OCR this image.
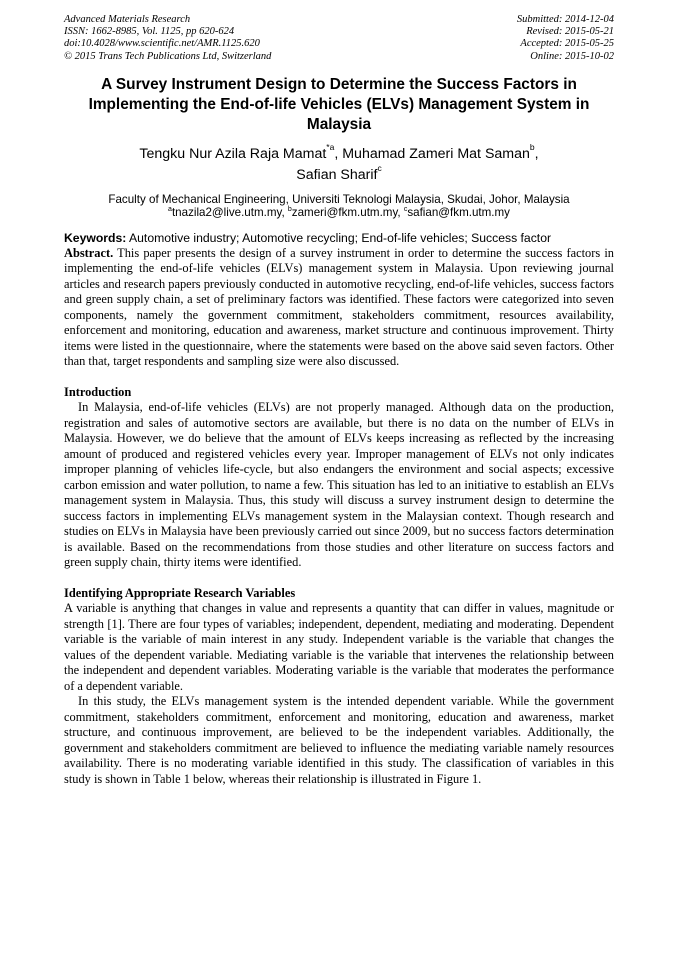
Advanced Materials Research
ISSN: 1662-8985, Vol. 1125, pp 620-624
doi:10.4028/www.scientific.net/AMR.1125.620
© 2015 Trans Tech Publications Ltd, Switzerland
Submitted: 2014-12-04
Revised: 2015-05-21
Accepted: 2015-05-25
Online: 2015-10-02
A Survey Instrument Design to Determine the Success Factors in Implementing the End-of-life Vehicles (ELVs) Management System in Malaysia
Tengku Nur Azila Raja Mamat$^{*a}$, Muhamad Zameri Mat Saman$^b$,
Safian Sharif$^c$
Faculty of Mechanical Engineering, Universiti Teknologi Malaysia, Skudai, Johor, Malaysia
$^a$tnazila2@live.utm.my, $^b$zameri@fkm.utm.my, $^c$safian@fkm.utm.my
Keywords: Automotive industry; Automotive recycling; End-of-life vehicles; Success factor

Abstract. This paper presents the design of a survey instrument in order to determine the success factors in implementing the end-of-life vehicles (ELVs) management system in Malaysia. Upon reviewing journal articles and research papers previously conducted in automotive recycling, end-of-life vehicles, success factors and green supply chain, a set of preliminary factors was identified. These factors were categorized into seven components, namely the government commitment, stakeholders commitment, resources availability, enforcement and monitoring, education and awareness, market structure and continuous improvement. Thirty items were listed in the questionnaire, where the statements were based on the above said seven factors. Other than that, target respondents and sampling size were also discussed.

Introduction

In Malaysia, end-of-life vehicles (ELVs) are not properly managed. Although data on the production, registration and sales of automotive sectors are available, but there is no data on the number of ELVs in Malaysia. However, we do believe that the amount of ELVs keeps increasing as reflected by the increasing amount of produced and registered vehicles every year. Improper management of ELVs not only indicates improper planning of vehicles life-cycle, but also endangers the environment and social aspects; excessive carbon emission and water pollution, to name a few. This situation has led to an initiative to establish an ELVs management system in Malaysia. Thus, this study will discuss a survey instrument design to determine the success factors in implementing ELVs management system in the Malaysian context. Though research and studies on ELVs in Malaysia have been previously carried out since 2009, but no success factors determination is available. Based on the recommendations from those studies and other literature on success factors and green supply chain, thirty items were identified.

Identifying Appropriate Research Variables

A variable is anything that changes in value and represents a quantity that can differ in values, magnitude or strength [1]. There are four types of variables; independent, dependent, mediating and moderating. Dependent variable is the variable of main interest in any study. Independent variable is the variable that changes the values of the dependent variable. Mediating variable is the variable that intervenes the relationship between the independent and dependent variables. Moderating variable is the variable that moderates the performance of a dependent variable.

In this study, the ELVs management system is the intended dependent variable. While the government commitment, stakeholders commitment, enforcement and monitoring, education and awareness, market structure, and continuous improvement, are believed to be the independent variables. Additionally, the government and stakeholders commitment are believed to influence the mediating variable namely resources availability. There is no moderating variable identified in this study. The classification of variables in this study is shown in Table 1 below, whereas their relationship is illustrated in Figure 1.
